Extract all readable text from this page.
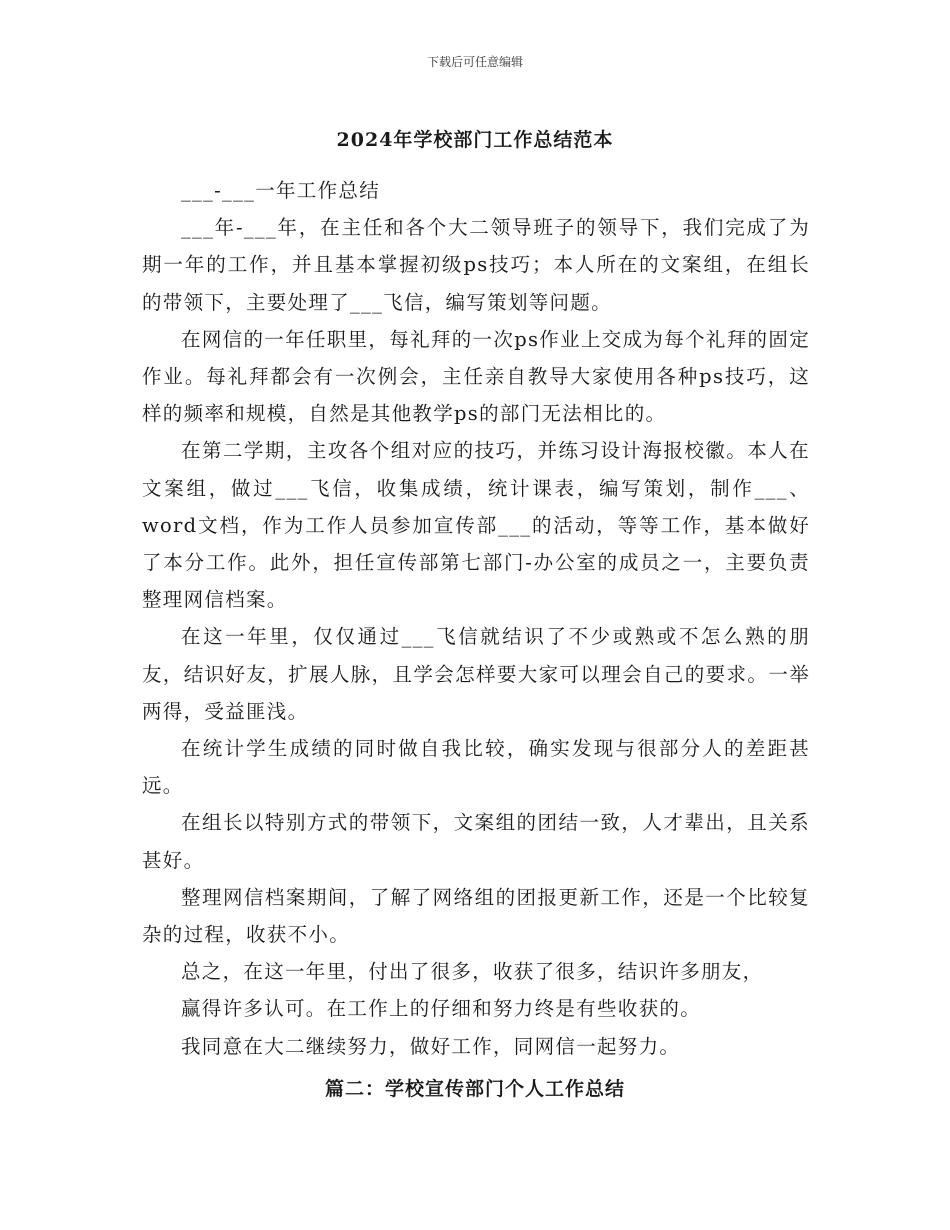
下载后可任意编辑
2024年学校部门工作总结范本

___-___一年工作总结

___年-___年，在主任和各个大二领导班子的领导下，我们完成了为期一年的工作，并且基本掌握初级ps技巧；本人所在的文案组，在组长的带领下，主要处理了___飞信，编写策划等问题。

在网信的一年任职里，每礼拜的一次ps作业上交成为每个礼拜的固定作业。每礼拜都会有一次例会，主任亲自教导大家使用各种ps技巧，这样的频率和规模，自然是其他教学ps的部门无法相比的。

在第二学期，主攻各个组对应的技巧，并练习设计海报校徽。本人在文案组，做过___飞信，收集成绩，统计课表，编写策划，制作___、word文档，作为工作人员参加宣传部___的活动，等等工作，基本做好了本分工作。此外，担任宣传部第七部门-办公室的成员之一，主要负责整理网信档案。

在这一年里，仅仅通过___飞信就结识了不少或熟或不怎么熟的朋友，结识好友，扩展人脉，且学会怎样要大家可以理会自己的要求。一举两得，受益匪浅。

在统计学生成绩的同时做自我比较，确实发现与很部分人的差距甚远。

在组长以特别方式的带领下，文案组的团结一致，人才辈出，且关系甚好。

整理网信档案期间，了解了网络组的团报更新工作，还是一个比较复杂的过程，收获不小。

总之，在这一年里，付出了很多，收获了很多，结识许多朋友，

赢得许多认可。在工作上的仔细和努力终是有些收获的。

我同意在大二继续努力，做好工作，同网信一起努力。

篇二：学校宣传部门个人工作总结
